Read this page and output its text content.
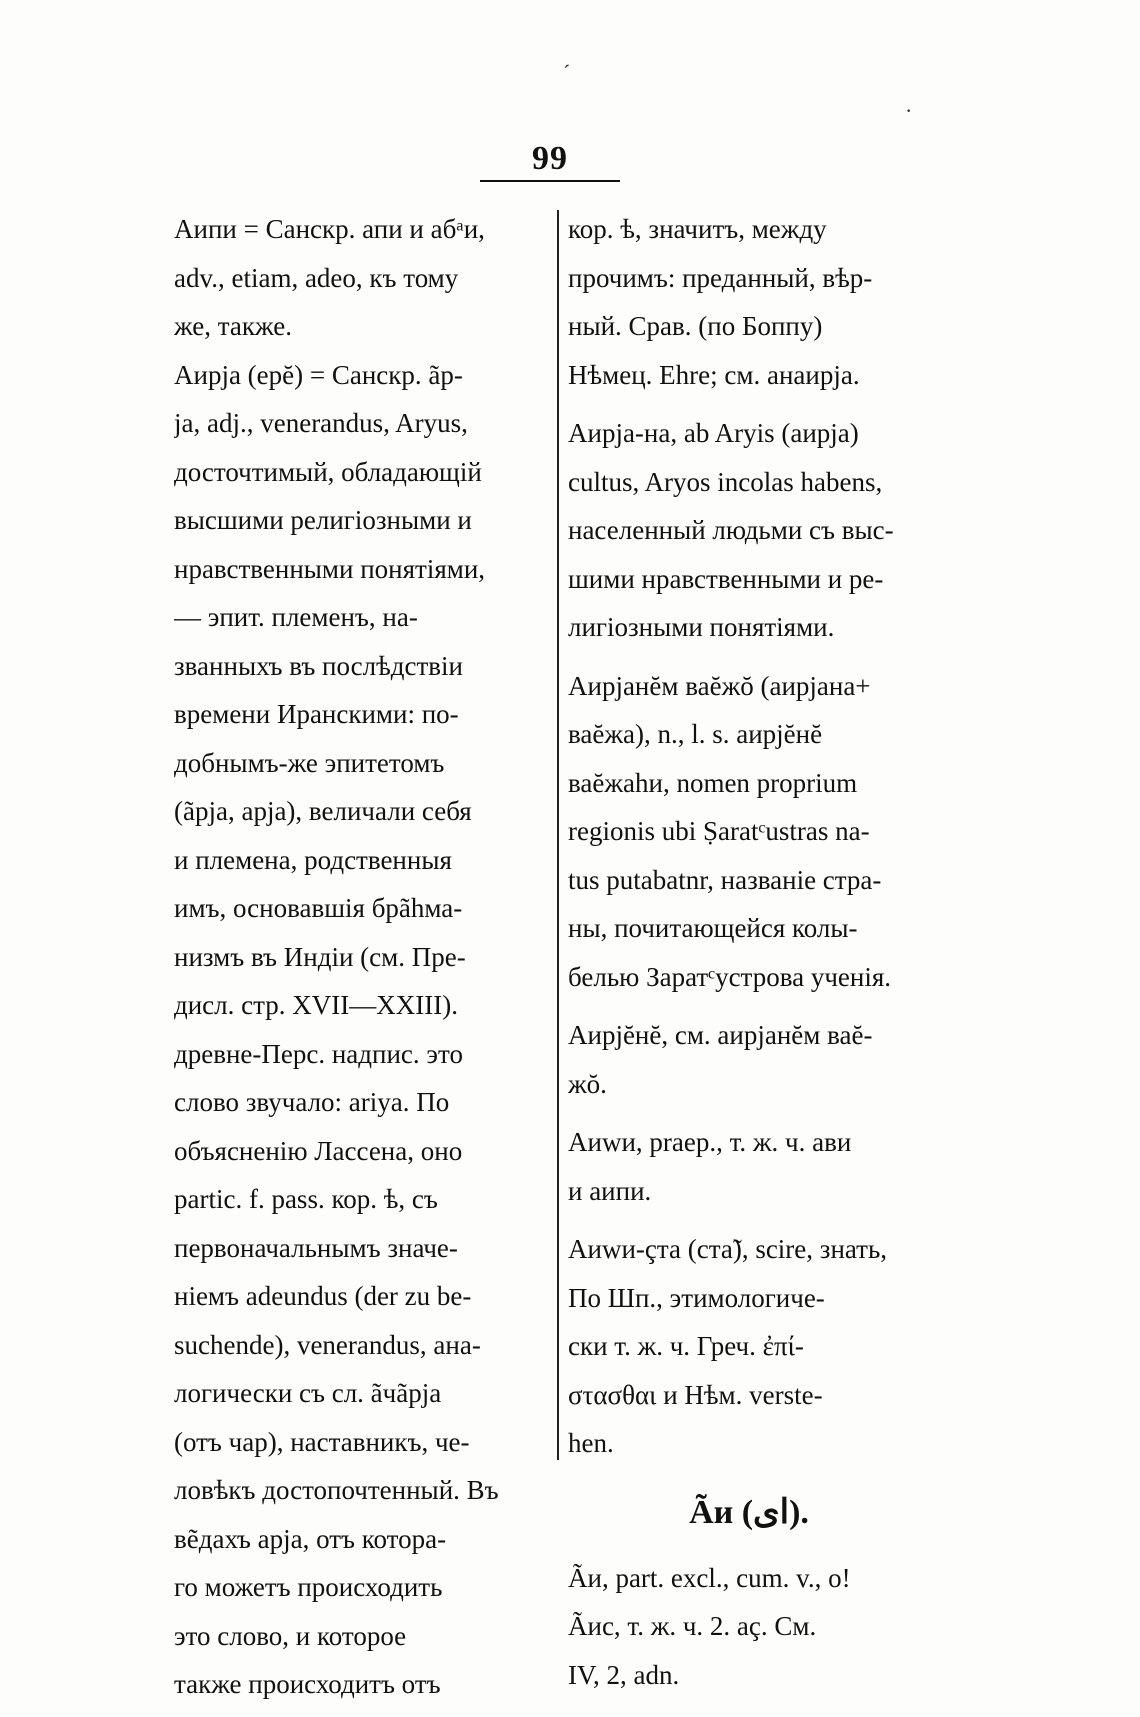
99
ˊ
·
Аипи = Санскр. апи и абᵃи,
adv., etiam, adeo, къ тому
же, также.
Аирја (ерĕ) = Санскр. ãр-
ја, adj., venerandus, Aryus,
досточтимый, обладающій
высшими религіозными и
нравственными понятіями,
— эпит. племенъ, на-
званныхъ въ послѣдствіи
времени Иранскими: по-
добнымъ-же эпитетомъ
(ãрја, арја), величали себя
и племена, родственныя
имъ, основавшія брãhма-
низмъ въ Индіи (см. Пре-
дисл. стр. XVII—XXIII).
древне-Перс. надпис. это
слово звучало: ariya. По
объясненію Лассена, оно
partic. f. pass. кор. ѣ, съ
первоначальнымъ значе-
ніемъ adeundus (der zu be-
suchende), venerandus, ана-
логически съ сл. ãчãрја
(отъ чар), наставникъ, че-
ловѣкъ достопочтенный. Въ
вẽдахъ арја, отъ котора-
го можетъ происходить
это слово, и которое
также происходитъ отъ
кор. ѣ, значитъ, между
прочимъ: преданный, вѣр-
ный. Срав. (по Боппу)
Нѣмец. Ehre; см. анаирја.
Аирја-на, ab Aryis (аирја)
cultus, Aryos incolas habens,
населенный людьми съ выс-
шими нравственными и ре-
лигіозными понятіями.
Аирјанĕм ваĕжŏ (аирјана+
ваĕжа), n., l. s. аирјĕнĕ
ваĕжаhи, nomen proprium
regionis ubi Ṣaratᶜustras na-
tus putabatnr, названіе стра-
ны, почитающейся колы-
белью Заратᶜустрова ученія.
Аирјĕнĕ, см. аирјанĕм ваĕ-
жŏ.
Аиwи, praep., т. ж. ч. ави
и аипи.
Аиwи-çта (ста̃), scire, знать,
По Шп., этимологиче-
ски т. ж. ч. Греч. ἐπί-
στασθαι и Нѣм. verste-
hen.
Ãи (ای).
Ãи, part. excl., cum. v., o!
Ãис, т. ж. ч. 2. аç. См.
IV, 2, adn.
